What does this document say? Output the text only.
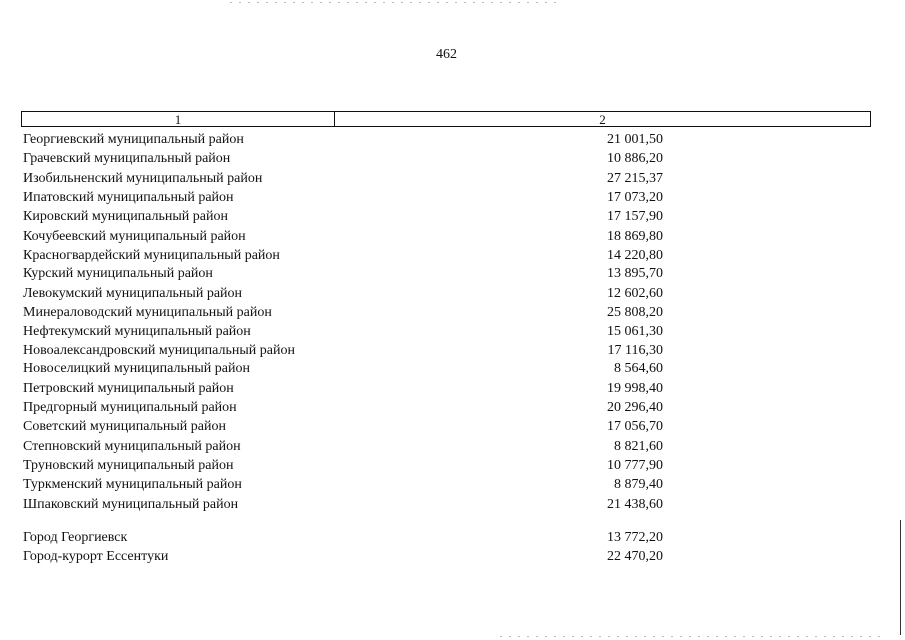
462
1	2
Георгиевский муниципальный район	21 001,50
Грачевский муниципальный район	10 886,20
Изобильненский муниципальный район	27 215,37
Ипатовский муниципальный район	17 073,20
Кировский муниципальный район	17 157,90
Кочубеевский муниципальный район	18 869,80
Красногвардейский муниципальный район	14 220,80
Курский муниципальный район	13 895,70
Левокумский муниципальный район	12 602,60
Минераловодский муниципальный район	25 808,20
Нефтекумский муниципальный район	15 061,30
Новоалександровский муниципальный район	17 116,30
Новоселицкий муниципальный район	8 564,60
Петровский муниципальный район	19 998,40
Предгорный муниципальный район	20 296,40
Советский муниципальный район	17 056,70
Степновский муниципальный район	8 821,60
Труновский муниципальный район	10 777,90
Туркменский муниципальный район	8 879,40
Шпаковский муниципальный район	21 438,60
Город Георгиевск	13 772,20
Город-курорт Ессентуки	22 470,20
